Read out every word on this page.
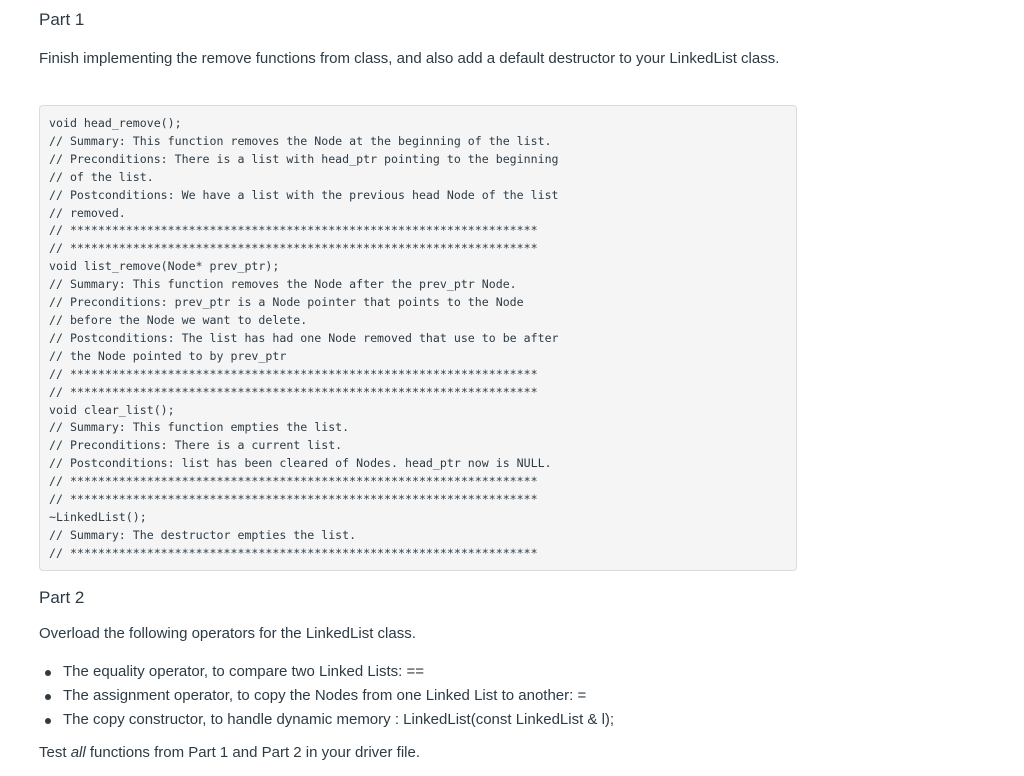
Part 1

Finish implementing the remove functions from class, and also add a default destructor to your LinkedList class.

void head_remove();
// Summary: This function removes the Node at the beginning of the list.
// Preconditions: There is a list with head_ptr pointing to the beginning
// of the list.
// Postconditions: We have a list with the previous head Node of the list
// removed.
// *******************************************************************
// *******************************************************************
void list_remove(Node* prev_ptr);
// Summary: This function removes the Node after the prev_ptr Node.
// Preconditions: prev_ptr is a Node pointer that points to the Node
// before the Node we want to delete.
// Postconditions: The list has had one Node removed that use to be after
// the Node pointed to by prev_ptr
// *******************************************************************
// *******************************************************************
void clear_list();
// Summary: This function empties the list.
// Preconditions: There is a current list.
// Postconditions: list has been cleared of Nodes. head_ptr now is NULL.
// *******************************************************************
// *******************************************************************
~LinkedList();
// Summary: The destructor empties the list.
// *******************************************************************
Part 2

Overload the following operators for the LinkedList class.

The equality operator, to compare two Linked Lists: ==
The assignment operator, to copy the Nodes from one Linked List to another: =
The copy constructor, to handle dynamic memory : LinkedList(const LinkedList & l);

Test all functions from Part 1 and Part 2 in your driver file.
